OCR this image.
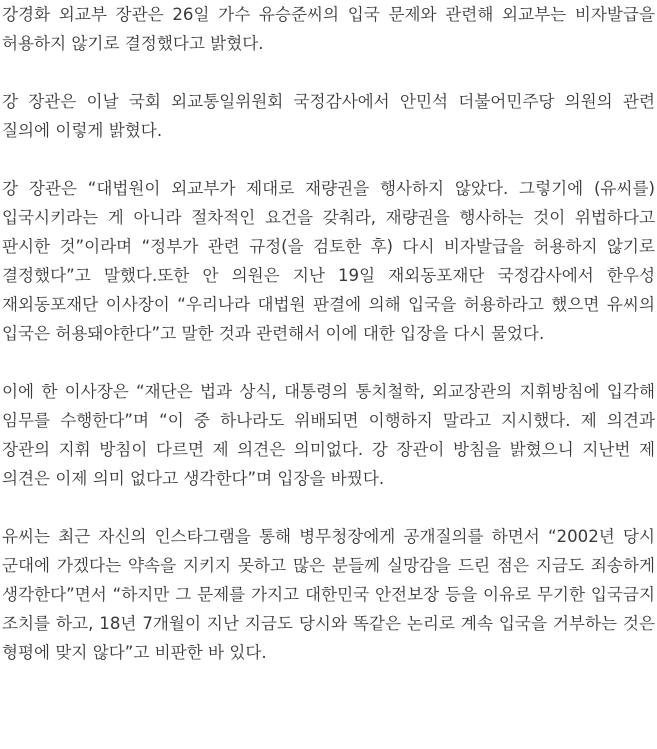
강경화 외교부 장관은 26일 가수 유승준씨의 입국 문제와 관련해 외교부는 비자발급을 허용하지 않기로 결정했다고 밝혔다.

강 장관은 이날 국회 외교통일위원회 국정감사에서 안민석 더불어민주당 의원의 관련 질의에 이렇게 밝혔다.

강 장관은 “대법원이 외교부가 제대로 재량권을 행사하지 않았다. 그렇기에 (유씨를) 입국시키라는 게 아니라 절차적인 요건을 갖춰라, 재량권을 행사하는 것이 위법하다고 판시한 것”이라며 “정부가 관련 규정(을 검토한 후) 다시 비자발급을 허용하지 않기로 결정했다”고 말했다.또한 안 의원은 지난 19일 재외동포재단 국정감사에서 한우성 재외동포재단 이사장이 “우리나라 대법원 판결에 의해 입국을 허용하라고 했으면 유씨의 입국은 허용돼야한다”고 말한 것과 관련해서 이에 대한 입장을 다시 물었다.

이에 한 이사장은 “재단은 법과 상식, 대통령의 통치철학, 외교장관의 지휘방침에 입각해 임무를 수행한다”며 “이 중 하나라도 위배되면 이행하지 말라고 지시했다. 제 의견과 장관의 지휘 방침이 다르면 제 의견은 의미없다. 강 장관이 방침을 밝혔으니 지난번 제 의견은 이제 의미 없다고 생각한다”며 입장을 바꿨다.

유씨는 최근 자신의 인스타그램을 통해 병무청장에게 공개질의를 하면서 “2002년 당시 군대에 가겠다는 약속을 지키지 못하고 많은 분들께 실망감을 드린 점은 지금도 죄송하게 생각한다”면서 “하지만 그 문제를 가지고 대한민국 안전보장 등을 이유로 무기한 입국금지 조치를 하고, 18년 7개월이 지난 지금도 당시와 똑같은 논리로 계속 입국을 거부하는 것은 형평에 맞지 않다”고 비판한 바 있다.
